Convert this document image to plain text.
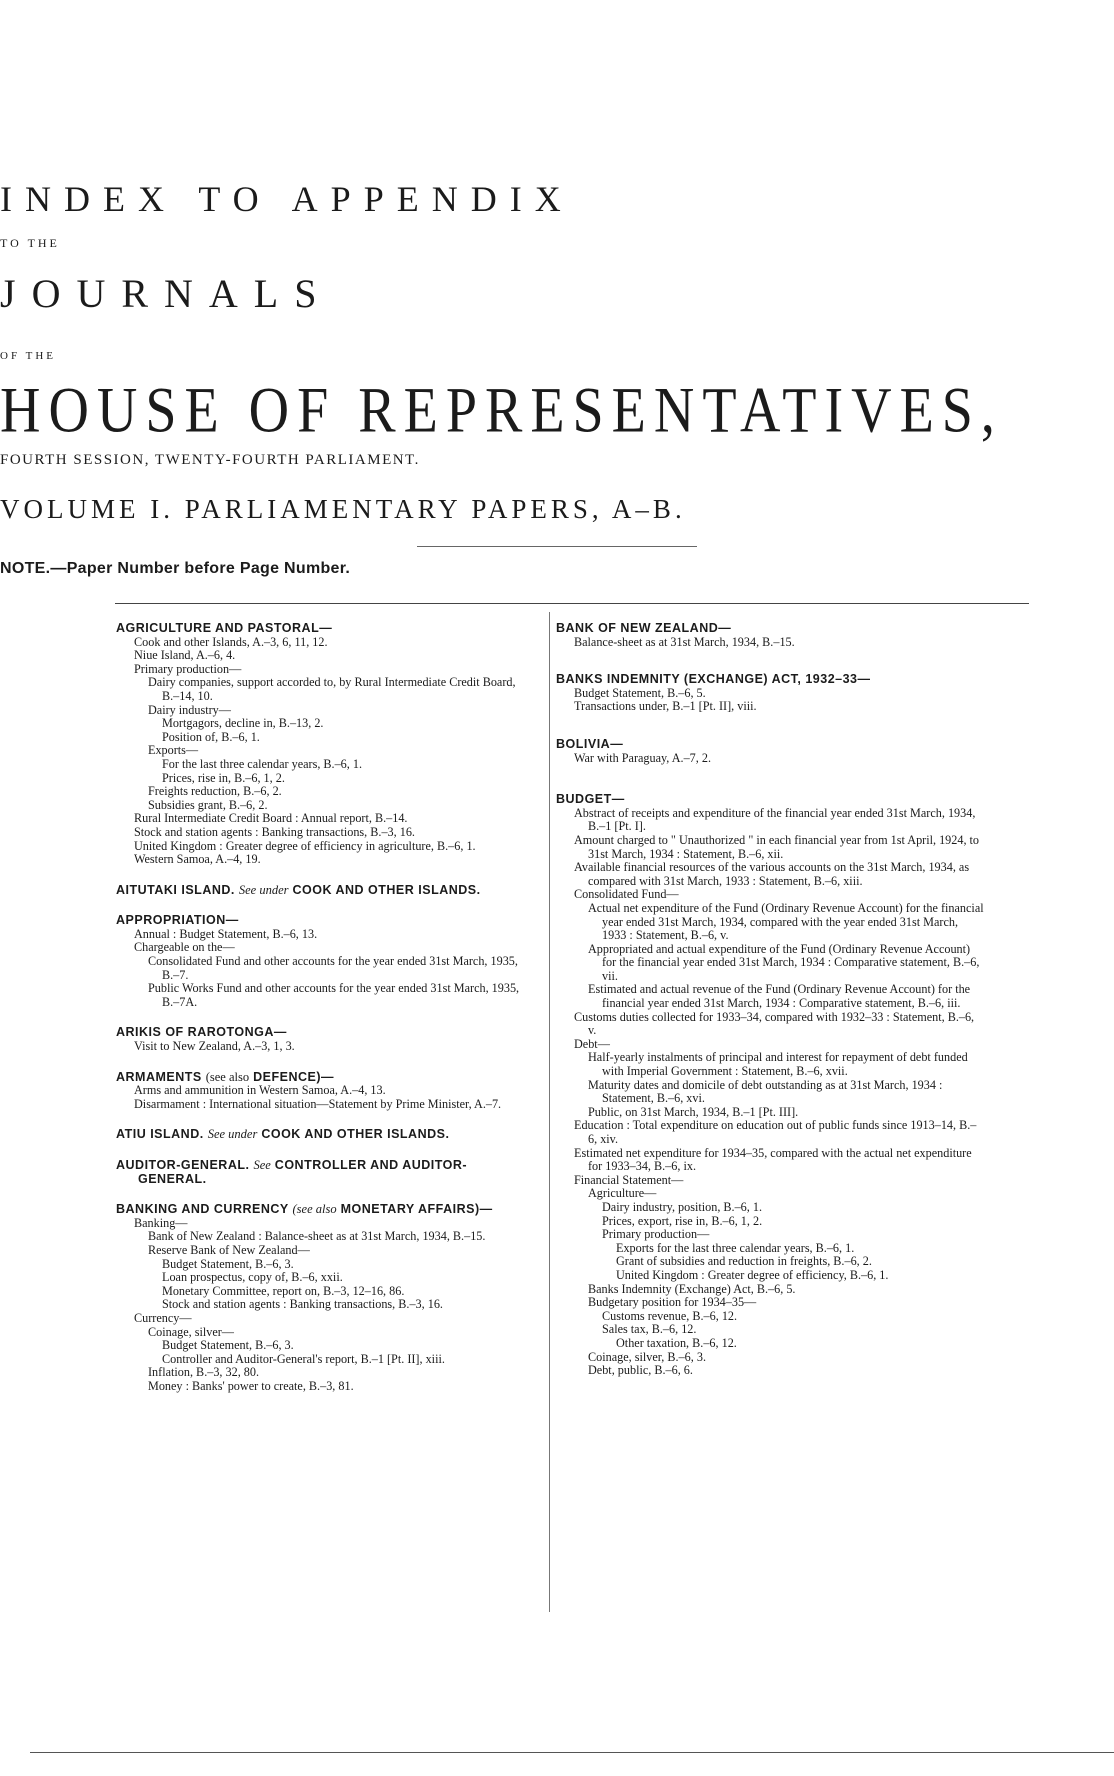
INDEX TO APPENDIX
TO THE
JOURNALS
OF THE
HOUSE OF REPRESENTATIVES,
FOURTH SESSION, TWENTY-FOURTH PARLIAMENT.
VOLUME I. PARLIAMENTARY PAPERS, A–B.
NOTE.—Paper Number before Page Number.
AGRICULTURE AND PASTORAL—
Cook and other Islands, A.–3, 6, 11, 12.
Niue Island, A.–6, 4.
Primary production—
Dairy companies, support accorded to, by Rural Intermediate Credit Board, B.–14, 10.
Dairy industry—
Mortgagors, decline in, B.–13, 2.
Position of, B.–6, 1.
Exports—
For the last three calendar years, B.–6, 1.
Prices, rise in, B.–6, 1, 2.
Freights reduction, B.–6, 2.
Subsidies grant, B.–6, 2.
Rural Intermediate Credit Board : Annual report, B.–14.
Stock and station agents : Banking transactions, B.–3, 16.
United Kingdom : Greater degree of efficiency in agriculture, B.–6, 1.
Western Samoa, A.–4, 19.
AITUTAKI ISLAND. See under COOK AND OTHER ISLANDS.
APPROPRIATION—
Annual : Budget Statement, B.–6, 13.
Chargeable on the—
Consolidated Fund and other accounts for the year ended 31st March, 1935, B.–7.
Public Works Fund and other accounts for the year ended 31st March, 1935, B.–7A.
ARIKIS OF RAROTONGA—
Visit to New Zealand, A.–3, 1, 3.
ARMAMENTS (see also DEFENCE)—
Arms and ammunition in Western Samoa, A.–4, 13.
Disarmament : International situation—Statement by Prime Minister, A.–7.
ATIU ISLAND. See under COOK AND OTHER ISLANDS.
AUDITOR-GENERAL. See CONTROLLER AND AUDITOR-GENERAL.
BANKING AND CURRENCY (see also MONETARY AFFAIRS)—
Banking—
Bank of New Zealand : Balance-sheet as at 31st March, 1934, B.–15.
Reserve Bank of New Zealand—
Budget Statement, B.–6, 3.
Loan prospectus, copy of, B.–6, xxii.
Monetary Committee, report on, B.–3, 12–16, 86.
Stock and station agents : Banking transactions, B.–3, 16.
Currency—
Coinage, silver—
Budget Statement, B.–6, 3.
Controller and Auditor-General's report, B.–1 [Pt. II], xiii.
Inflation, B.–3, 32, 80.
Money : Banks' power to create, B.–3, 81.
BANK OF NEW ZEALAND—
Balance-sheet as at 31st March, 1934, B.–15.
BANKS INDEMNITY (EXCHANGE) ACT, 1932–33—
Budget Statement, B.–6, 5.
Transactions under, B.–1 [Pt. II], viii.
BOLIVIA—
War with Paraguay, A.–7, 2.
BUDGET—
Abstract of receipts and expenditure of the financial year ended 31st March, 1934, B.–1 [Pt. I].
Amount charged to " Unauthorized " in each financial year from 1st April, 1924, to 31st March, 1934 : Statement, B.–6, xii.
Available financial resources of the various accounts on the 31st March, 1934, as compared with 31st March, 1933 : Statement, B.–6, xiii.
Consolidated Fund—
Actual net expenditure of the Fund (Ordinary Revenue Account) for the financial year ended 31st March, 1934, compared with the year ended 31st March, 1933 : Statement, B.–6, v.
Appropriated and actual expenditure of the Fund (Ordinary Revenue Account) for the financial year ended 31st March, 1934 : Comparative statement, B.–6, vii.
Estimated and actual revenue of the Fund (Ordinary Revenue Account) for the financial year ended 31st March, 1934 : Comparative statement, B.–6, iii.
Customs duties collected for 1933–34, compared with 1932–33 : Statement, B.–6, v.
Debt—
Half-yearly instalments of principal and interest for repayment of debt funded with Imperial Government : Statement, B.–6, xvii.
Maturity dates and domicile of debt outstanding as at 31st March, 1934 : Statement, B.–6, xvi.
Public, on 31st March, 1934, B.–1 [Pt. III].
Education : Total expenditure on education out of public funds since 1913–14, B.–6, xiv.
Estimated net expenditure for 1934–35, compared with the actual net expenditure for 1933–34, B.–6, ix.
Financial Statement—
Agriculture—
Dairy industry, position, B.–6, 1.
Prices, export, rise in, B.–6, 1, 2.
Primary production—
Exports for the last three calendar years, B.–6, 1.
Grant of subsidies and reduction in freights, B.–6, 2.
United Kingdom : Greater degree of efficiency, B.–6, 1.
Banks Indemnity (Exchange) Act, B.–6, 5.
Budgetary position for 1934–35—
Customs revenue, B.–6, 12.
Sales tax, B.–6, 12.
Other taxation, B.–6, 12.
Coinage, silver, B.–6, 3.
Debt, public, B.–6, 6.
